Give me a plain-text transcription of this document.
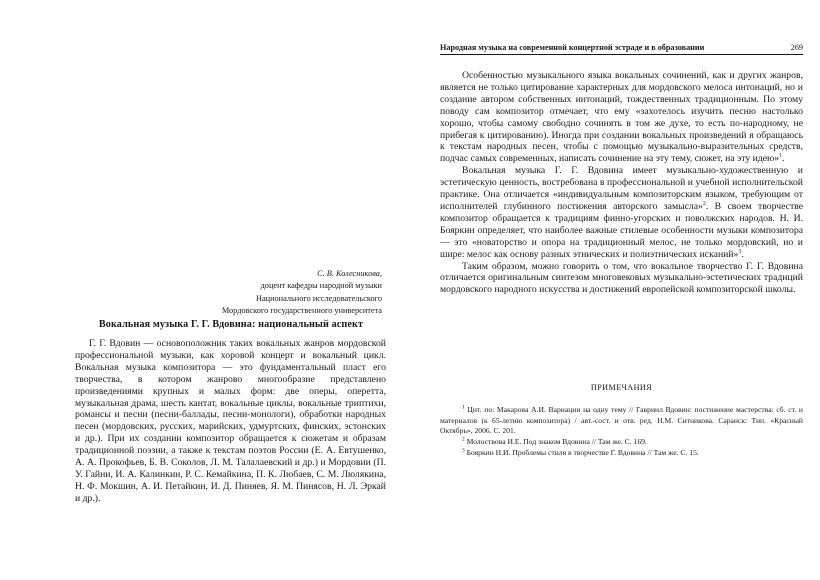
С. В. Колесникова,
доцент кафедры народной музыки
Национального исследовательского
Мордовского государственного университета
Вокальная музыка Г. Г. Вдовина: национальный аспект

Г. Г. Вдовин — основоположник таких вокальных жанров мордовской профессиональной музыки, как хоровой концерт и вокальный цикл. Вокальная музыка композитора — это фундаментальный пласт его творчества, в котором жанрово многообразие представлено произведениями крупных и малых форм: две оперы, оперетта, музыкальная драма, шесть кантат, вокальные циклы, вокальные триптихи, романсы и песни (песни-баллады, песни-монологи), обработки народных песен (мордовских, русских, марийских, удмуртских, финских, эстонских и др.). При их создании композитор обращается к сюжетам и образам традиционной поэзии, а также к текстам поэтов России (Е. А. Евтушенко, А. А. Прокофьев, Б. В. Соколов, Л. М. Талалаевский и др.) и Мордовии (П. У. Гайни, И. А. Калинкин, Р. С. Кемайкина, П. К. Любаев, С. М. Люлякина, Н. Ф. Мокшин, А. И. Петайкин, И. Д. Пиняев, Я. М. Пинясов, Н. Л. Эркай и др.).

Народная музыка на современной концертной эстраде и в образовании	269

Особенностью музыкального языка вокальных сочинений, как и других жанров, является не только цитирование характерных для мордовского мелоса интонаций, но и создание автором собственных интонаций, тождественных традиционным. По этому поводу сам композитор отмечает, что ему «захотелось изучить песню настолько хорошо, чтобы самому свободно сочинять в том же духе, то есть по-народному, не прибегая к цитированию). Иногда при создании вокальных произведений я обращаюсь к текстам народных песен, чтобы с помощью музыкально-выразительных средств, подчас самых современных, написать сочинение на эту тему, сюжет, на эту идею»$^1$.

Вокальная музыка Г. Г. Вдовина имеет музыкально-художественную и эстетическую ценность, востребована в профессиональной и учебной исполнительской практике. Она отличается «индивидуальным композиторским языком, требующим от исполнителей глубинного постижения авторского замысла»$^2$. В своем творчестве композитор обращается к традициям финно-угорских и поволжских народов. Н. И. Бояркин определяет, что наиболее важные стилевые особенности музыки композитора — это «новаторство и опора на традиционный мелос, не только мордовский, но и шире: мелос как основу разных этнических и полиэтнических исканий»$^3$.

Таким образом, можно говорить о том, что вокальное творчество Г. Г. Вдовина отличается оригинальным синтезом многовековых музыкально-эстетических традиций мордовского народного искусства и достижений европейской композиторской школы.

ПРИМЕЧАНИЯ

$^1$ Цит. по: Макарова А.И. Вариации на одну тему // Гавриил Вдовин: постижение мастерства: сб. ст. и материалов (к 65-летию композитора) / авт.-сост. и отв. ред. Н.М. Ситникова. Саранск: Тип. «Красный Октябрь», 2006. С. 201.

$^2$ Молоствова И.Е. Под знаком Вдовина // Там же. С. 169.

$^3$ Бояркин Н.И. Проблемы стиля в творчестве Г. Вдовина // Там же. С. 15.
